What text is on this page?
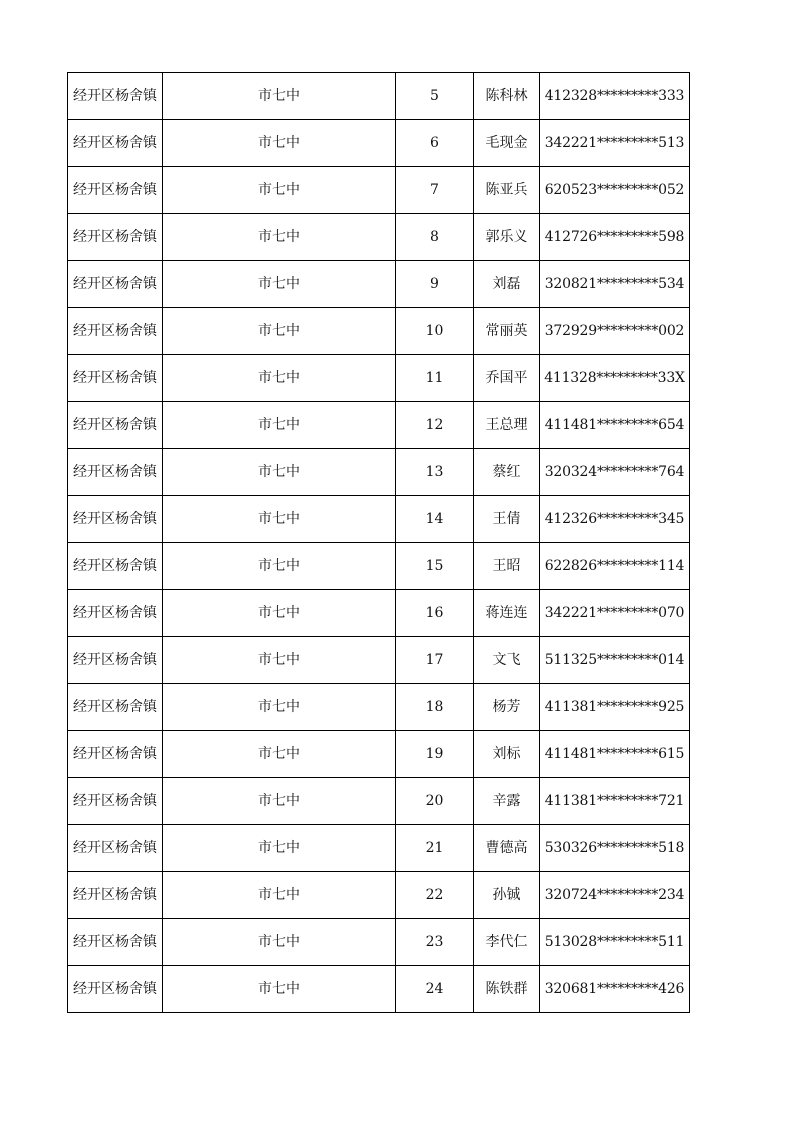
经开区杨舍镇	市七中	5	陈科林	412328*********333
经开区杨舍镇	市七中	6	毛现金	342221*********513
经开区杨舍镇	市七中	7	陈亚兵	620523*********052
经开区杨舍镇	市七中	8	郭乐义	412726*********598
经开区杨舍镇	市七中	9	刘磊	320821*********534
经开区杨舍镇	市七中	10	常丽英	372929*********002
经开区杨舍镇	市七中	11	乔国平	411328*********33X
经开区杨舍镇	市七中	12	王总理	411481*********654
经开区杨舍镇	市七中	13	蔡红	320324*********764
经开区杨舍镇	市七中	14	王倩	412326*********345
经开区杨舍镇	市七中	15	王昭	622826*********114
经开区杨舍镇	市七中	16	蒋连连	342221*********070
经开区杨舍镇	市七中	17	文飞	511325*********014
经开区杨舍镇	市七中	18	杨芳	411381*********925
经开区杨舍镇	市七中	19	刘标	411481*********615
经开区杨舍镇	市七中	20	辛露	411381*********721
经开区杨舍镇	市七中	21	曹德高	530326*********518
经开区杨舍镇	市七中	22	孙铖	320724*********234
经开区杨舍镇	市七中	23	李代仁	513028*********511
经开区杨舍镇	市七中	24	陈铁群	320681*********426
